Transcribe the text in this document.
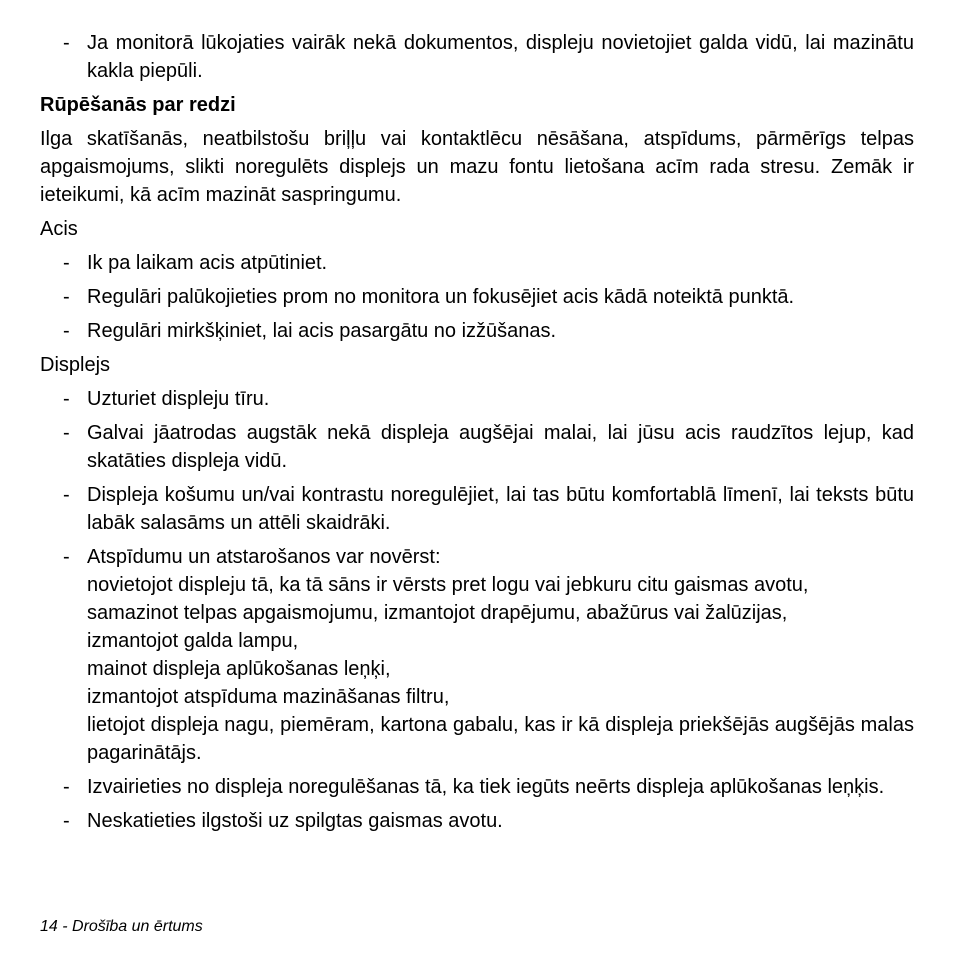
- Ja monitorā lūkojaties vairāk nekā dokumentos, displeju novietojiet galda vidū, lai mazinātu kakla piepūli.
Rūpēšanās par redzi
Ilga skatīšanās, neatbilstošu briļļu vai kontaktlēcu nēsāšana, atspīdums, pārmērīgs telpas apgaismojums, slikti noregulēts displejs un mazu fontu lietošana acīm rada stresu. Zemāk ir ieteikumi, kā acīm mazināt saspringumu.
Acis
- Ik pa laikam acis atpūtiniet.
- Regulāri palūkojieties prom no monitora un fokusējiet acis kādā noteiktā punktā.
- Regulāri mirkšķiniet, lai acis pasargātu no izžūšanas.
Displejs
- Uzturiet displeju tīru.
- Galvai jāatrodas augstāk nekā displeja augšējai malai, lai jūsu acis raudzītos lejup, kad skatāties displeja vidū.
- Displeja košumu un/vai kontrastu noregulējiet, lai tas būtu komfortablā līmenī, lai teksts būtu labāk salasāms un attēli skaidrāki.
- Atspīdumu un atstarošanos var novērst:
novietojot displeju tā, ka tā sāns ir vērsts pret logu vai jebkuru citu gaismas avotu,
samazinot telpas apgaismojumu, izmantojot drapējumu, abažūrus vai žalūzijas,
izmantojot galda lampu,
mainot displeja aplūkošanas leņķi,
izmantojot atspīduma mazināšanas filtru,
lietojot displeja nagu, piemēram, kartona gabalu, kas ir kā displeja priekšējās augšējās malas pagarinātājs.
- Izvairieties no displeja noregulēšanas tā, ka tiek iegūts neērts displeja aplūkošanas leņķis.
- Neskatieties ilgstoši uz spilgtas gaismas avotu.
14 - Drošība un ērtums
